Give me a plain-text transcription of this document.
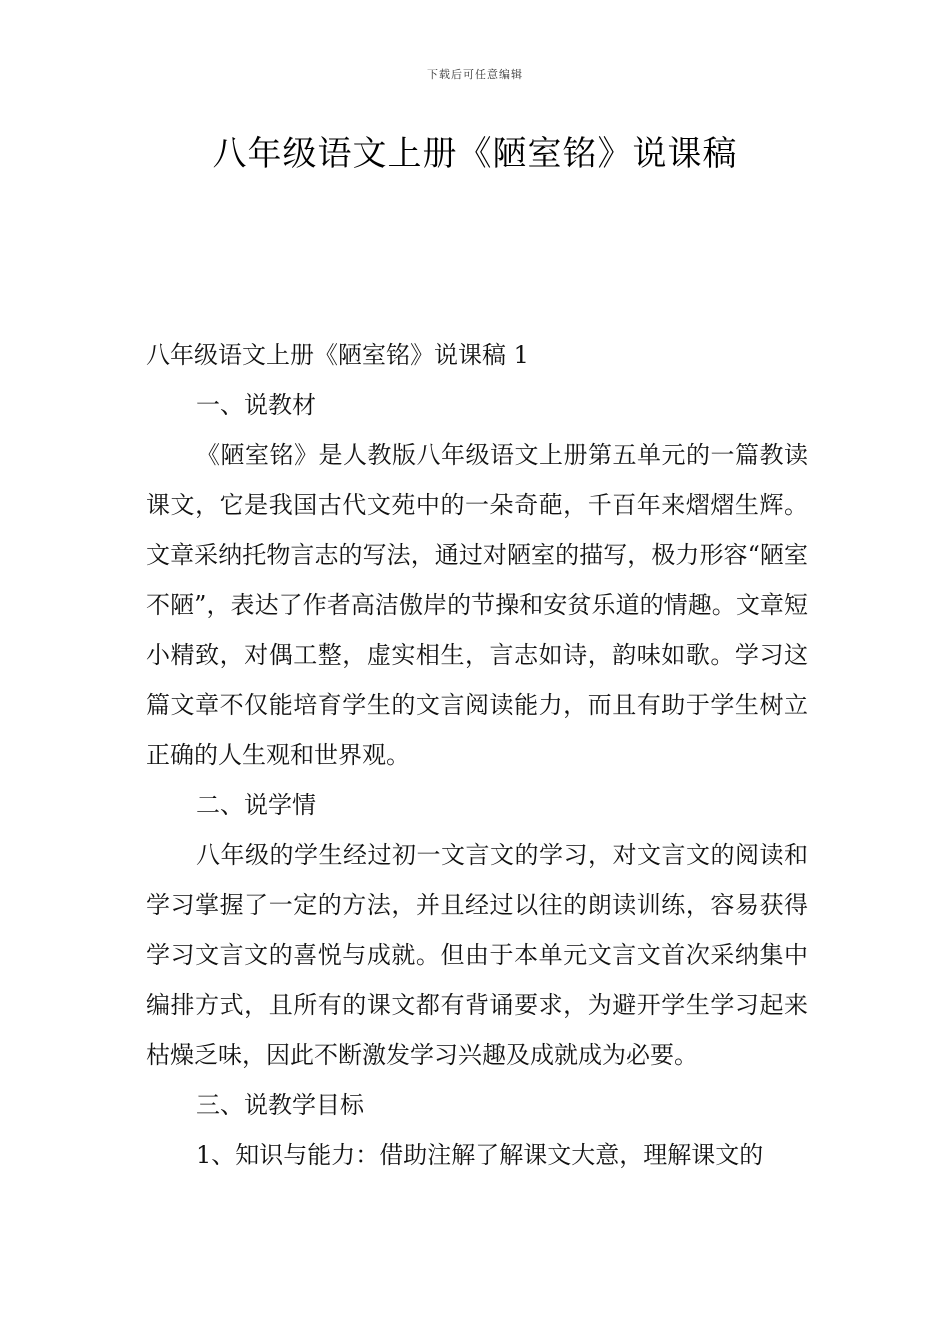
下载后可任意编辑
八年级语文上册《陋室铭》说课稿

八年级语文上册《陋室铭》说课稿 1

一、说教材

《陋室铭》是人教版八年级语文上册第五单元的一篇教读课文，它是我国古代文苑中的一朵奇葩，千百年来熠熠生辉。文章采纳托物言志的写法，通过对陋室的描写，极力形容“陋室不陋”，表达了作者高洁傲岸的节操和安贫乐道的情趣。文章短小精致，对偶工整，虚实相生，言志如诗，韵味如歌。学习这篇文章不仅能培育学生的文言阅读能力，而且有助于学生树立正确的人生观和世界观。

二、说学情

八年级的学生经过初一文言文的学习，对文言文的阅读和学习掌握了一定的方法，并且经过以往的朗读训练，容易获得学习文言文的喜悦与成就。但由于本单元文言文首次采纳集中编排方式，且所有的课文都有背诵要求，为避开学生学习起来枯燥乏味，因此不断激发学习兴趣及成就成为必要。

三、说教学目标

1、知识与能力：借助注解了解课文大意，理解课文的
